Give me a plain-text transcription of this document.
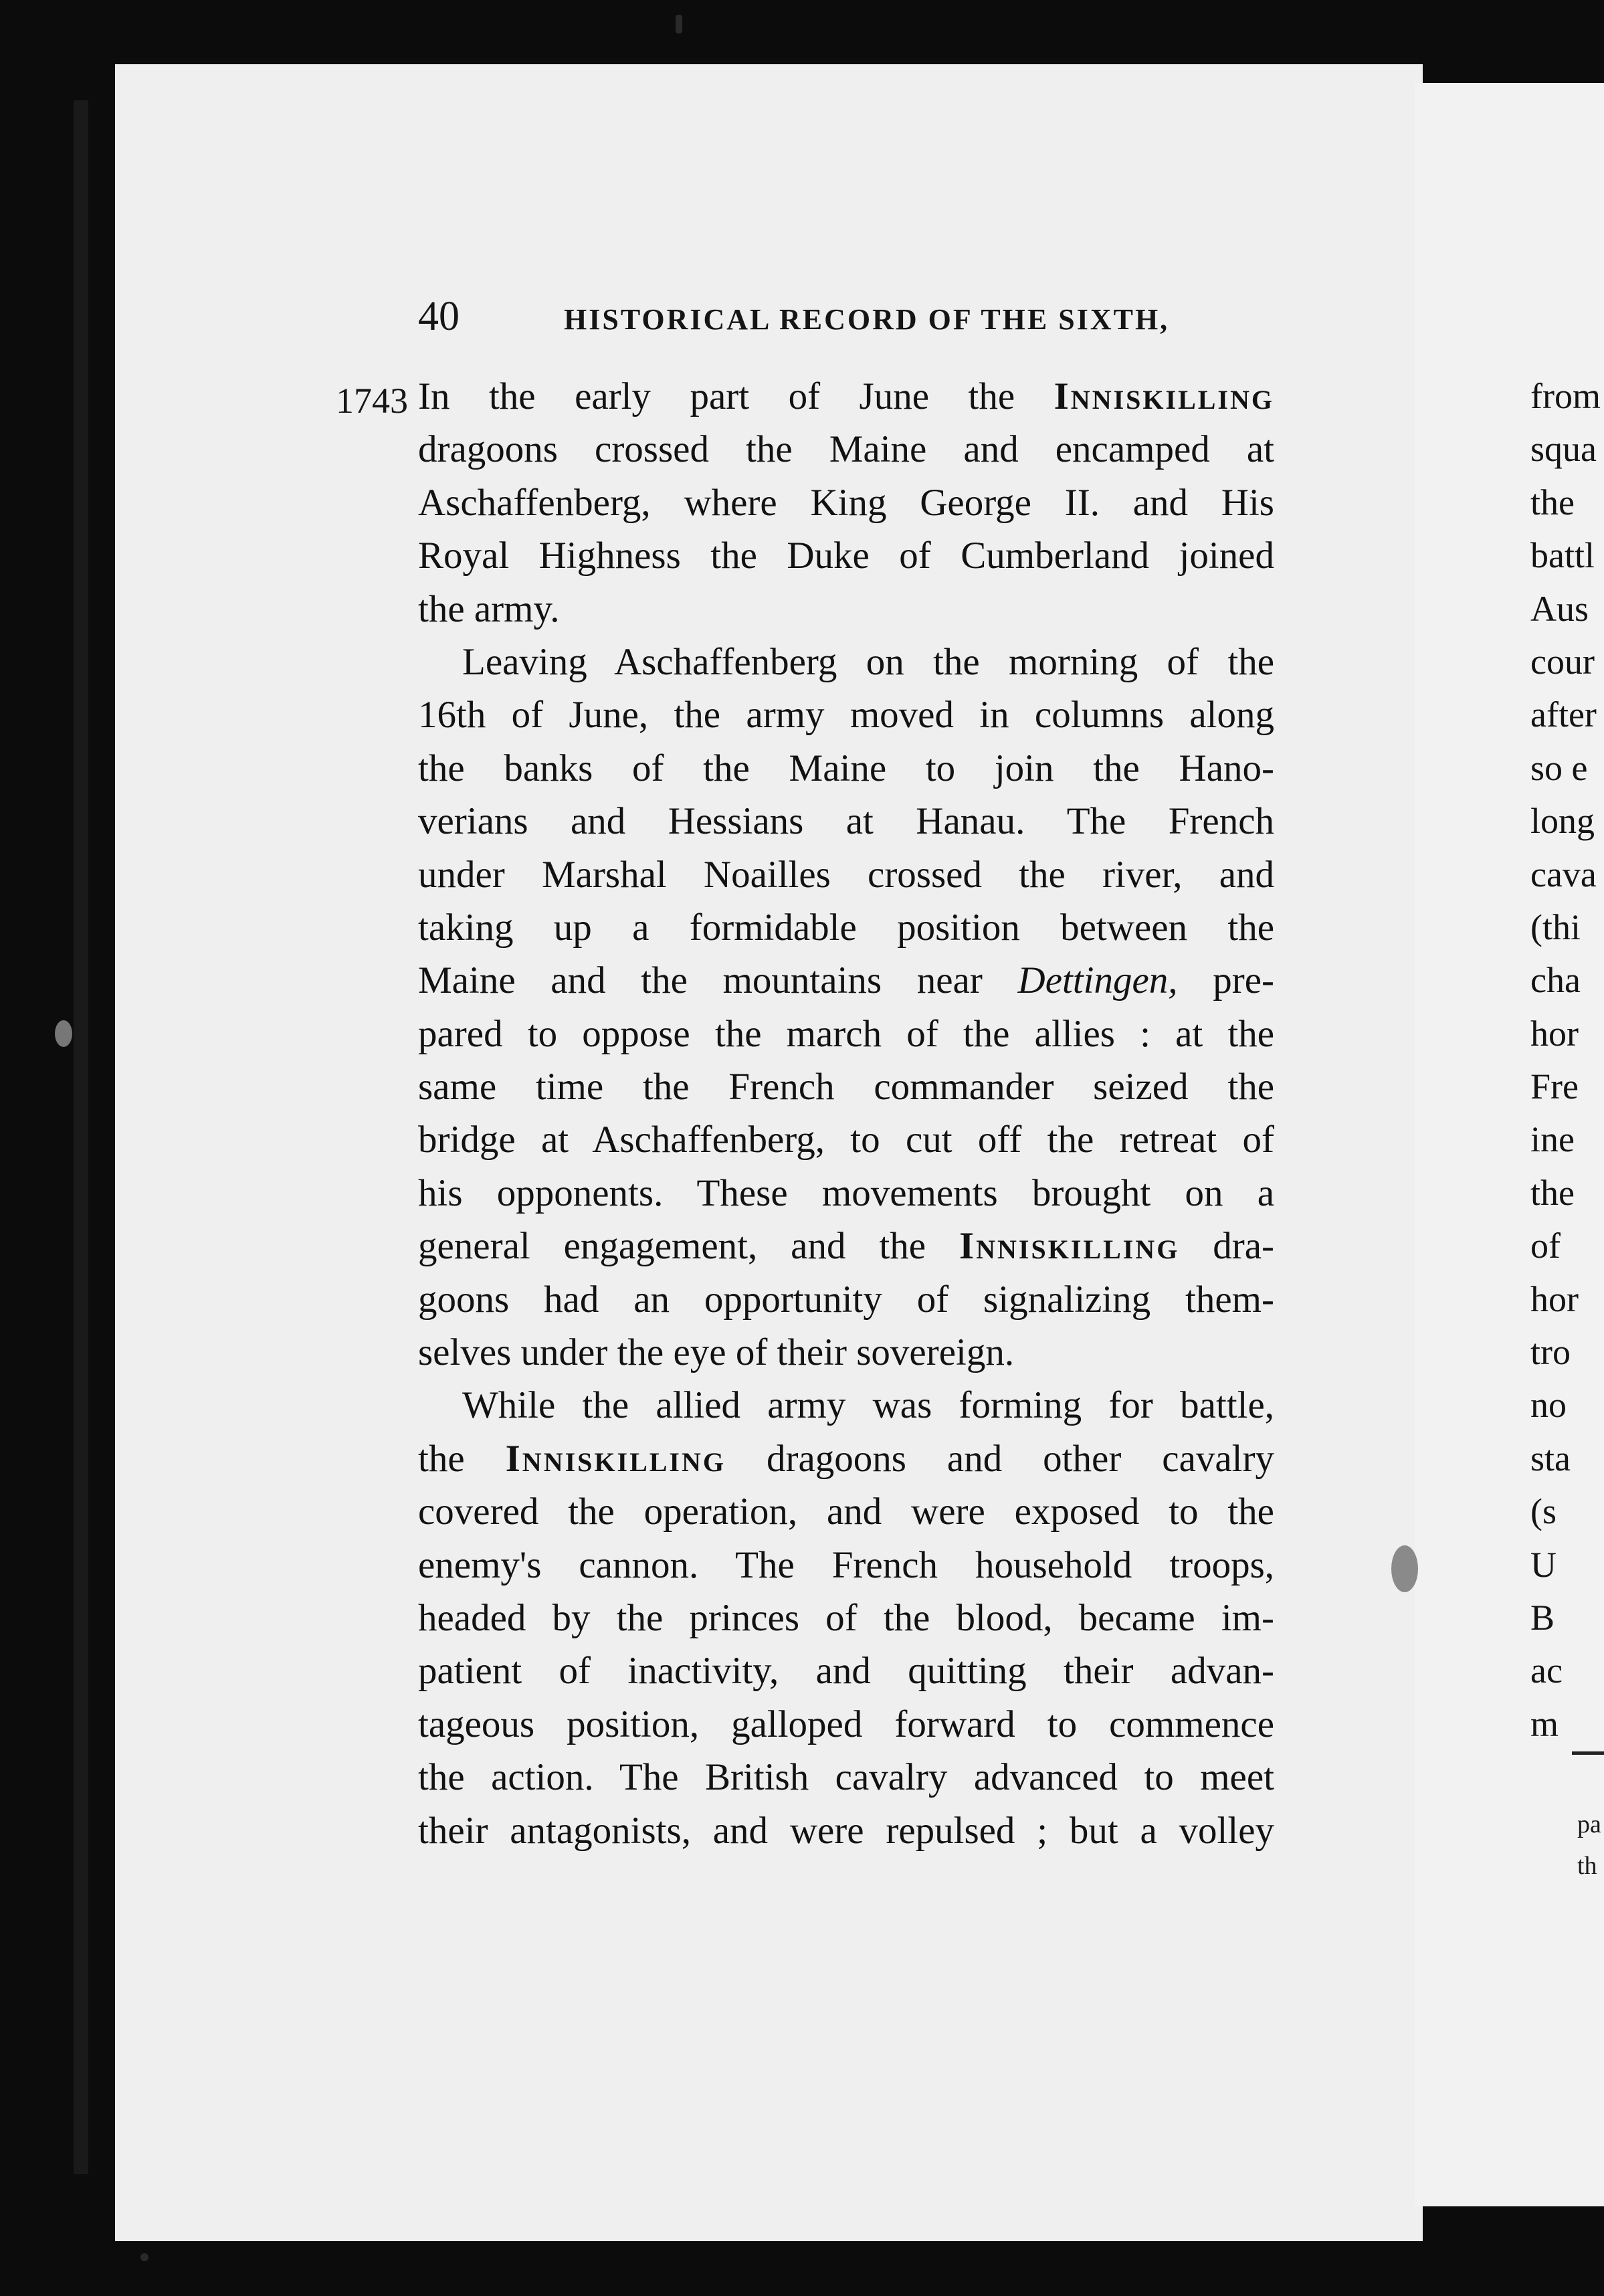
40	HISTORICAL RECORD OF THE SIXTH,
1743 In the early part of June the Inniskilling
dragoons crossed the Maine and encamped at
Aschaffenberg, where King George II. and His
Royal Highness the Duke of Cumberland joined
the army.
Leaving Aschaffenberg on the morning of the
16th of June, the army moved in columns along
the banks of the Maine to join the Hano-
verians and Hessians at Hanau. The French
under Marshal Noailles crossed the river, and
taking up a formidable position between the
Maine and the mountains near Dettingen, pre-
pared to oppose the march of the allies : at the
same time the French commander seized the
bridge at Aschaffenberg, to cut off the retreat of
his opponents. These movements brought on a
general engagement, and the Inniskilling dra-
goons had an opportunity of signalizing them-
selves under the eye of their sovereign.
While the allied army was forming for battle,
the Inniskilling dragoons and other cavalry
covered the operation, and were exposed to the
enemy's cannon. The French household troops,
headed by the princes of the blood, became im-
patient of inactivity, and quitting their advan-
tageous position, galloped forward to commence
the action. The British cavalry advanced to meet
their antagonists, and were repulsed ; but a volley
from
squa
the
battl
Aus
cour
after
so e
long
cava
(thi
cha
hor
Fre
ine
the
of
hor
tro
no
sta
(s
U
B
ac
m
pa
th
